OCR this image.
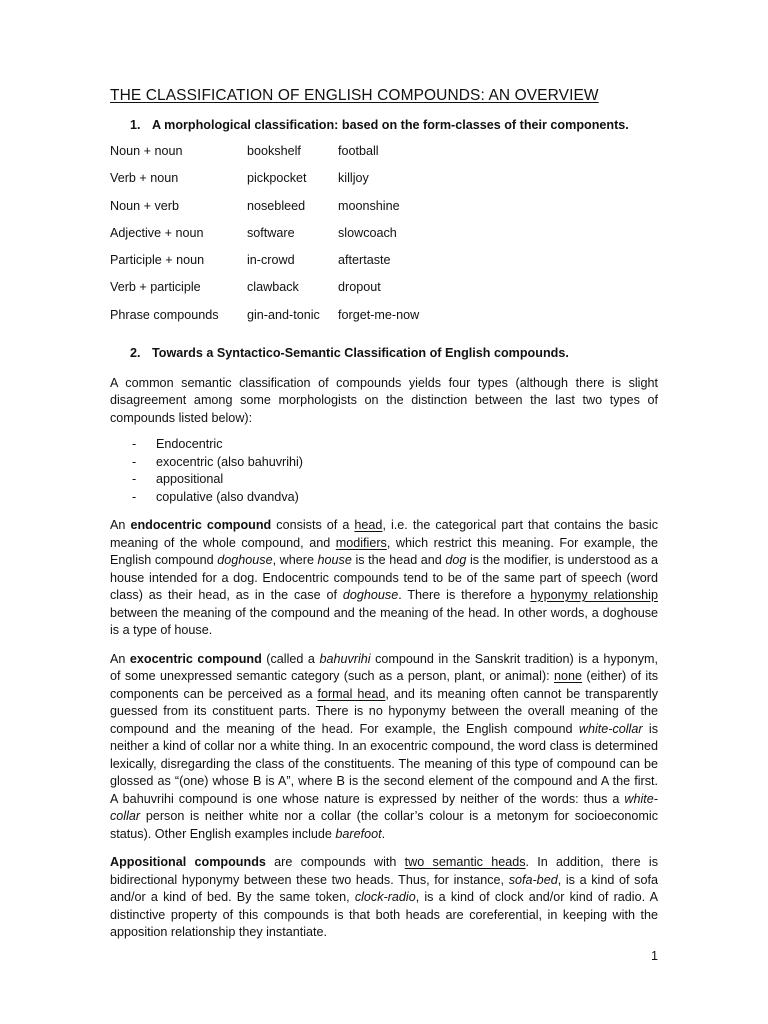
THE CLASSIFICATION OF ENGLISH COMPOUNDS: AN OVERVIEW
1. A morphological classification: based on the form-classes of their components.
Noun + noun	bookshelf	football
Verb + noun	pickpocket	killjoy
Noun + verb	nosebleed	moonshine
Adjective + noun	software	slowcoach
Participle + noun	in-crowd	aftertaste
Verb + participle	clawback	dropout
Phrase compounds	gin-and-tonic	forget-me-now
2. Towards a Syntactico-Semantic Classification of English compounds.

A common semantic classification of compounds yields four types (although there is slight disagreement among some morphologists on the distinction between the last two types of compounds listed below):

- Endocentric
- exocentric (also bahuvrihi)
- appositional
- copulative (also dvandva)

An endocentric compound consists of a head, i.e. the categorical part that contains the basic meaning of the whole compound, and modifiers, which restrict this meaning. For example, the English compound doghouse, where house is the head and dog is the modifier, is understood as a house intended for a dog. Endocentric compounds tend to be of the same part of speech (word class) as their head, as in the case of doghouse. There is therefore a hyponymy relationship between the meaning of the compound and the meaning of the head. In other words, a doghouse is a type of house.

An exocentric compound (called a bahuvrihi compound in the Sanskrit tradition) is a hyponym, of some unexpressed semantic category (such as a person, plant, or animal): none (either) of its components can be perceived as a formal head, and its meaning often cannot be transparently guessed from its constituent parts. There is no hyponymy between the overall meaning of the compound and the meaning of the head. For example, the English compound white-collar is neither a kind of collar nor a white thing. In an exocentric compound, the word class is determined lexically, disregarding the class of the constituents. The meaning of this type of compound can be glossed as “(one) whose B is A”, where B is the second element of the compound and A the first. A bahuvrihi compound is one whose nature is expressed by neither of the words: thus a white-collar person is neither white nor a collar (the collar’s colour is a metonym for socioeconomic status). Other English examples include barefoot.

Appositional compounds are compounds with two semantic heads. In addition, there is bidirectional hyponymy between these two heads. Thus, for instance, sofa-bed, is a kind of sofa and/or a kind of bed. By the same token, clock-radio, is a kind of clock and/or kind of radio. A distinctive property of this compounds is that both heads are coreferential, in keeping with the apposition relationship they instantiate.

1
